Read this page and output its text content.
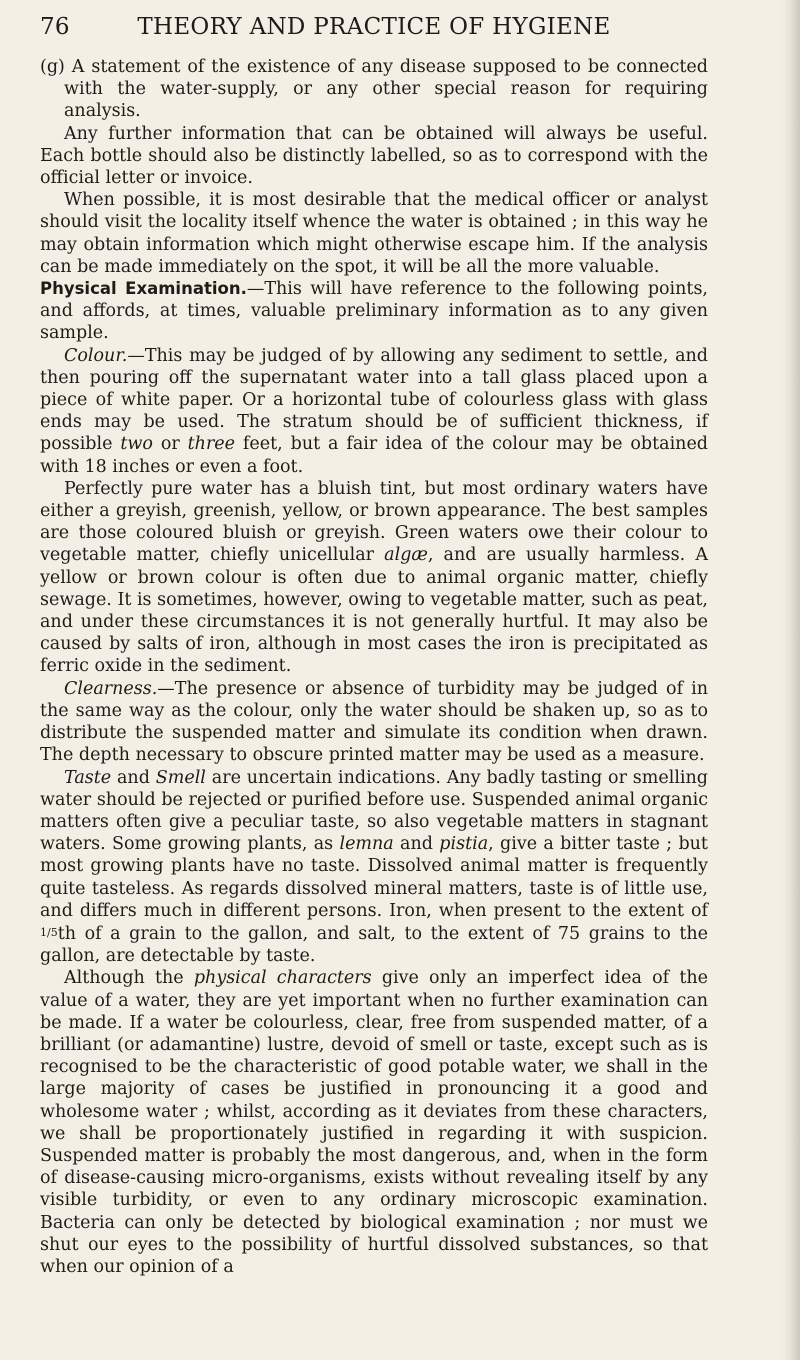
76	THEORY AND PRACTICE OF HYGIENE

(g) A statement of the existence of any disease supposed to be connected with the water-supply, or any other special reason for requiring analysis.

Any further information that can be obtained will always be useful. Each bottle should also be distinctly labelled, so as to correspond with the official letter or invoice.

When possible, it is most desirable that the medical officer or analyst should visit the locality itself whence the water is obtained ; in this way he may obtain information which might otherwise escape him. If the analysis can be made immediately on the spot, it will be all the more valuable.

Physical Examination.—This will have reference to the following points, and affords, at times, valuable preliminary information as to any given sample.

Colour.—This may be judged of by allowing any sediment to settle, and then pouring off the supernatant water into a tall glass placed upon a piece of white paper. Or a horizontal tube of colourless glass with glass ends may be used. The stratum should be of sufficient thickness, if possible two or three feet, but a fair idea of the colour may be obtained with 18 inches or even a foot.

Perfectly pure water has a bluish tint, but most ordinary waters have either a greyish, greenish, yellow, or brown appearance. The best samples are those coloured bluish or greyish. Green waters owe their colour to vegetable matter, chiefly unicellular algæ, and are usually harmless. A yellow or brown colour is often due to animal organic matter, chiefly sewage. It is sometimes, however, owing to vegetable matter, such as peat, and under these circumstances it is not generally hurtful. It may also be caused by salts of iron, although in most cases the iron is precipitated as ferric oxide in the sediment.

Clearness.—The presence or absence of turbidity may be judged of in the same way as the colour, only the water should be shaken up, so as to distribute the suspended matter and simulate its condition when drawn. The depth necessary to obscure printed matter may be used as a measure.

Taste and Smell are uncertain indications. Any badly tasting or smelling water should be rejected or purified before use. Suspended animal organic matters often give a peculiar taste, so also vegetable matters in stagnant waters. Some growing plants, as lemna and pistia, give a bitter taste ; but most growing plants have no taste. Dissolved animal matter is frequently quite tasteless. As regards dissolved mineral matters, taste is of little use, and differs much in different persons. Iron, when present to the extent of 1/5th of a grain to the gallon, and salt, to the extent of 75 grains to the gallon, are detectable by taste.

Although the physical characters give only an imperfect idea of the value of a water, they are yet important when no further examination can be made. If a water be colourless, clear, free from suspended matter, of a brilliant (or adamantine) lustre, devoid of smell or taste, except such as is recognised to be the characteristic of good potable water, we shall in the large majority of cases be justified in pronouncing it a good and wholesome water ; whilst, according as it deviates from these characters, we shall be proportionately justified in regarding it with suspicion. Suspended matter is probably the most dangerous, and, when in the form of disease-causing micro-organisms, exists without revealing itself by any visible turbidity, or even to any ordinary microscopic examination. Bacteria can only be detected by biological examination ; nor must we shut our eyes to the possibility of hurtful dissolved substances, so that when our opinion of a
